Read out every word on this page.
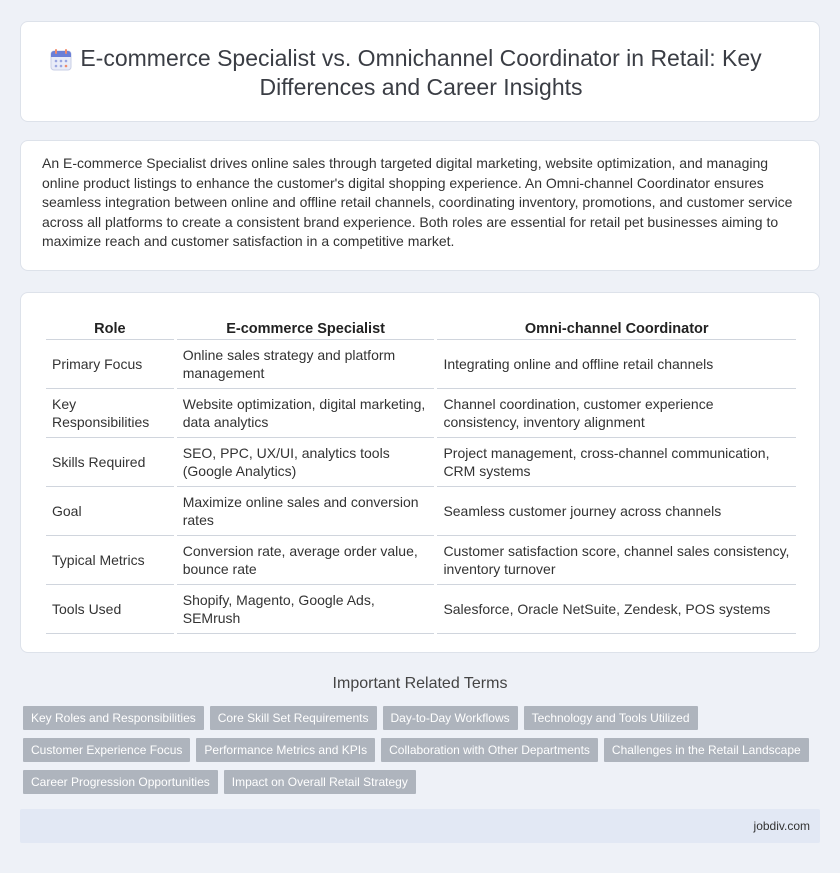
E-commerce Specialist vs. Omnichannel Coordinator in Retail: Key Differences and Career Insights

An E-commerce Specialist drives online sales through targeted digital marketing, website optimization, and managing online product listings to enhance the customer's digital shopping experience. An Omni-channel Coordinator ensures seamless integration between online and offline retail channels, coordinating inventory, promotions, and customer service across all platforms to create a consistent brand experience. Both roles are essential for retail pet businesses aiming to maximize reach and customer satisfaction in a competitive market.

Role	E-commerce Specialist	Omni-channel Coordinator
Primary Focus	Online sales strategy and platform management	Integrating online and offline retail channels
Key Responsibilities	Website optimization, digital marketing, data analytics	Channel coordination, customer experience consistency, inventory alignment
Skills Required	SEO, PPC, UX/UI, analytics tools (Google Analytics)	Project management, cross-channel communication, CRM systems
Goal	Maximize online sales and conversion rates	Seamless customer journey across channels
Typical Metrics	Conversion rate, average order value, bounce rate	Customer satisfaction score, channel sales consistency, inventory turnover
Tools Used	Shopify, Magento, Google Ads, SEMrush	Salesforce, Oracle NetSuite, Zendesk, POS systems
Important Related Terms
Key Roles and Responsibilities	Core Skill Set Requirements	Day-to-Day Workflows	Technology and Tools Utilized
Customer Experience Focus	Performance Metrics and KPIs	Collaboration with Other Departments	Challenges in the Retail Landscape
Career Progression Opportunities	Impact on Overall Retail Strategy
jobdiv.com
